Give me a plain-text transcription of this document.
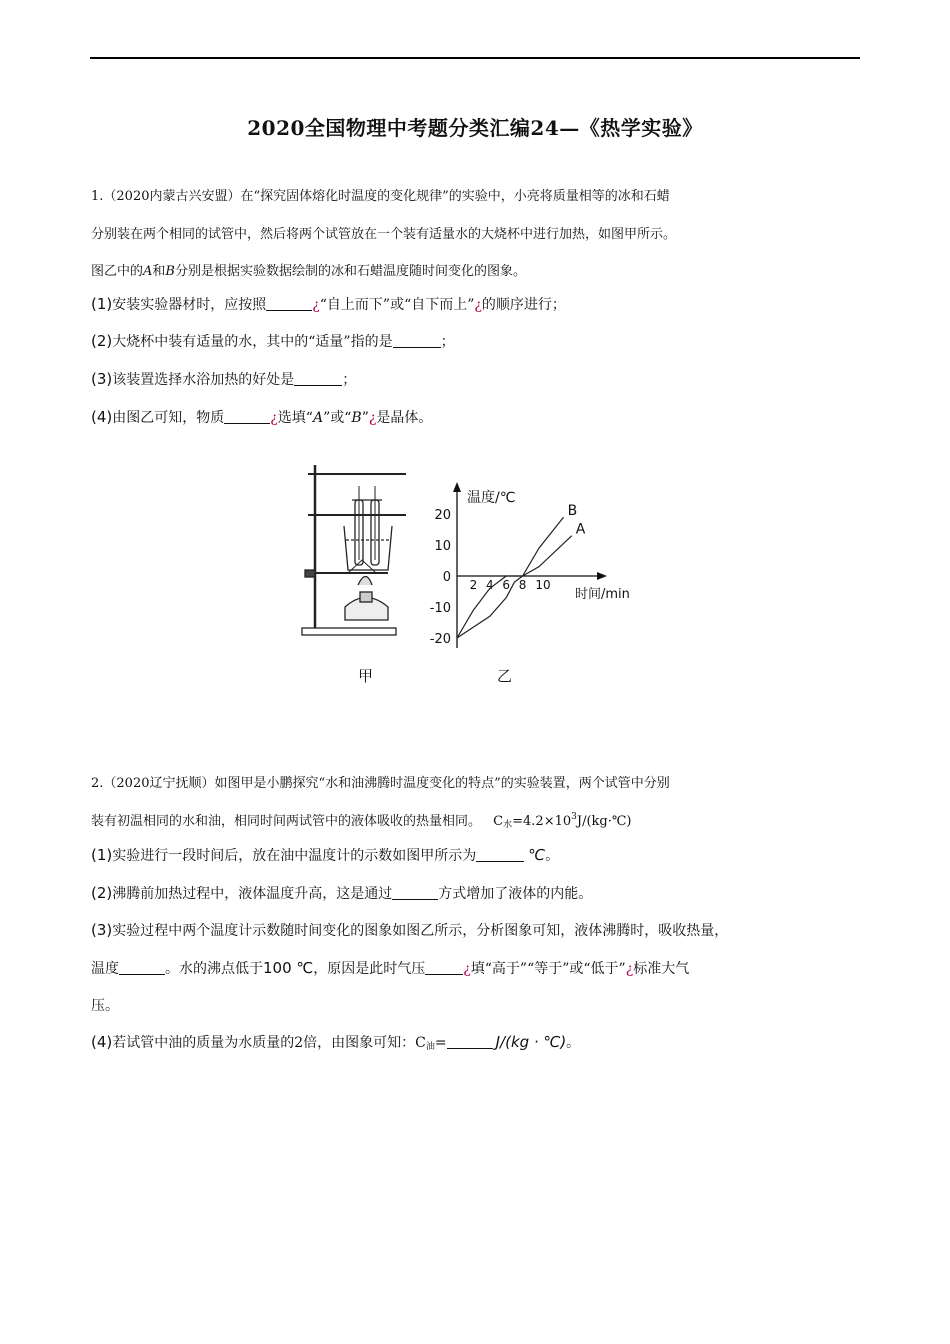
2020全国物理中考题分类汇编24—《热学实验》
1.（2020内蒙古兴安盟）在“探究固体熔化时温度的变化规律”的实验中，小亮将质量相等的冰和石蜡
分别装在两个相同的试管中，然后将两个试管放在一个装有适量水的大烧杯中进行加热，如图甲所示。
图乙中的A和B分别是根据实验数据绘制的冰和石蜡温度随时间变化的图象。
(1)安装实验器材时，应按照	¿“自上而下”或“自下而上”¿的顺序进行；
(2)大烧杯中装有适量的水，其中的“适量”指的是	；
(3)该装置选择水浴加热的好处是	；
(4)由图乙可知，物质	¿选填“A”或“B”¿是晶体。
甲
温度/℃
时间/min
20
10
0
-10
-20
2 4 6 8 10
A
B
乙
2.（2020辽宁抚顺）如图甲是小鹏探究“水和油沸腾时温度变化的特点”的实验装置，两个试管中分别
装有初温相同的水和油，相同时间两试管中的液体吸收的热量相同。 $C_水=4.2\times 10^3J/(kg\cdot℃)$
(1)实验进行一段时间后，放在油中温度计的示数如图甲所示为	℃。
(2)沸腾前加热过程中，液体温度升高，这是通过	方式增加了液体的内能。
(3)实验过程中两个温度计示数随时间变化的图象如图乙所示，分析图象可知，液体沸腾时，吸收热量，
温度	。水的沸点低于100 ℃，原因是此时气压	¿填“高于”“等于”或“低于”¿标准大气
压。
(4)若试管中油的质量为水质量的2倍，由图象可知：$C_油=$	J/(kg · ℃)。
